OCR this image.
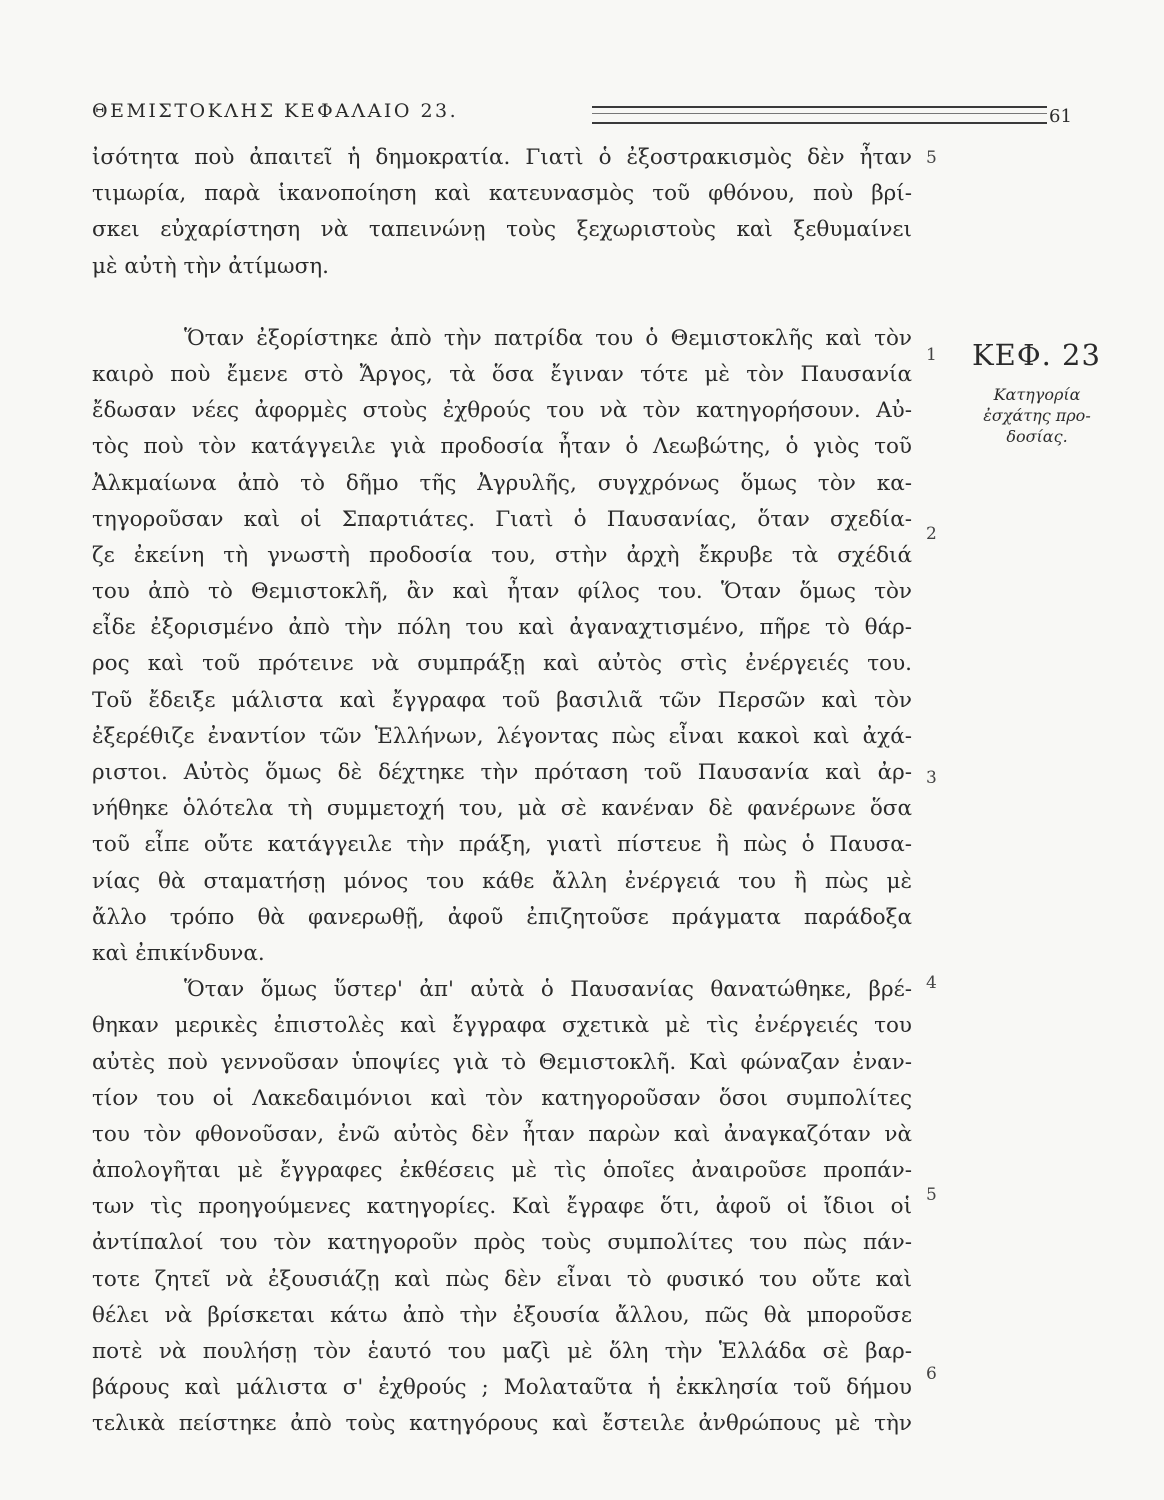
ΘΕΜΙΣΤΟΚΛΗΣ ΚΕΦΑΛΑΙΟ 23.	61
ΚΕΦ. 23
Κατηγορία
ἐσχάτης προ-
δοσίας.
5
1
2
3
4
5
6
ἰσότητα ποὺ ἀπαιτεῖ ἡ δημοκρατία. Γιατὶ ὁ ἐξοστρακισμὸς δὲν ἦταν
τιμωρία, παρὰ ἱκανοποίηση καὶ κατευνασμὸς τοῦ φθόνου, ποὺ βρί-
σκει εὐχαρίστηση νὰ ταπεινώνῃ τοὺς ξεχωριστοὺς καὶ ξεθυμαίνει
μὲ αὐτὴ τὴν ἀτίμωση.
Ὅταν ἐξορίστηκε ἀπὸ τὴν πατρίδα του ὁ Θεμιστοκλῆς καὶ τὸν
καιρὸ ποὺ ἔμενε στὸ Ἄργος, τὰ ὅσα ἔγιναν τότε μὲ τὸν Παυσανία
ἔδωσαν νέες ἀφορμὲς στοὺς ἐχθρούς του νὰ τὸν κατηγορήσουν. Αὐ-
τὸς ποὺ τὸν κατάγγειλε γιὰ προδοσία ἦταν ὁ Λεωβώτης, ὁ γιὸς τοῦ
Ἀλκμαίωνα ἀπὸ τὸ δῆμο τῆς Ἀγρυλῆς, συγχρόνως ὅμως τὸν κα-
τηγοροῦσαν καὶ οἱ Σπαρτιάτες. Γιατὶ ὁ Παυσανίας, ὅταν σχεδία-
ζε ἐκείνη τὴ γνωστὴ προδοσία του, στὴν ἀρχὴ ἔκρυβε τὰ σχέδιά
του ἀπὸ τὸ Θεμιστοκλῆ, ἂν καὶ ἦταν φίλος του. Ὅταν ὅμως τὸν
εἶδε ἐξορισμένο ἀπὸ τὴν πόλη του καὶ ἀγαναχτισμένο, πῆρε τὸ θάρ-
ρος καὶ τοῦ πρότεινε νὰ συμπράξῃ καὶ αὐτὸς στὶς ἐνέργειές του.
Τοῦ ἔδειξε μάλιστα καὶ ἔγγραφα τοῦ βασιλιᾶ τῶν Περσῶν καὶ τὸν
ἐξερέθιζε ἐναντίον τῶν Ἑλλήνων, λέγοντας πὼς εἶναι κακοὶ καὶ ἀχά-
ριστοι. Αὐτὸς ὅμως δὲ δέχτηκε τὴν πρόταση τοῦ Παυσανία καὶ ἀρ-
νήθηκε ὁλότελα τὴ συμμετοχή του, μὰ σὲ κανέναν δὲ φανέρωνε ὅσα
τοῦ εἶπε οὔτε κατάγγειλε τὴν πράξη, γιατὶ πίστευε ἢ πὼς ὁ Παυσα-
νίας θὰ σταματήσῃ μόνος του κάθε ἄλλη ἐνέργειά του ἢ πὼς μὲ
ἄλλο τρόπο θὰ φανερωθῇ, ἀφοῦ ἐπιζητοῦσε πράγματα παράδοξα
καὶ ἐπικίνδυνα.
Ὅταν ὅμως ὕστερ' ἀπ' αὐτὰ ὁ Παυσανίας θανατώθηκε, βρέ-
θηκαν μερικὲς ἐπιστολὲς καὶ ἔγγραφα σχετικὰ μὲ τὶς ἐνέργειές του
αὐτὲς ποὺ γεννοῦσαν ὑποψίες γιὰ τὸ Θεμιστοκλῆ. Καὶ φώναζαν ἐναν-
τίον του οἱ Λακεδαιμόνιοι καὶ τὸν κατηγοροῦσαν ὅσοι συμπολίτες
του τὸν φθονοῦσαν, ἐνῶ αὐτὸς δὲν ἦταν παρὼν καὶ ἀναγκαζόταν νὰ
ἀπολογῆται μὲ ἔγγραφες ἐκθέσεις μὲ τὶς ὁποῖες ἀναιροῦσε προπάν-
των τὶς προηγούμενες κατηγορίες. Καὶ ἔγραφε ὅτι, ἀφοῦ οἱ ἴδιοι οἱ
ἀντίπαλοί του τὸν κατηγοροῦν πρὸς τοὺς συμπολίτες του πὼς πάν-
τοτε ζητεῖ νὰ ἐξουσιάζῃ καὶ πὼς δὲν εἶναι τὸ φυσικό του οὔτε καὶ
θέλει νὰ βρίσκεται κάτω ἀπὸ τὴν ἐξουσία ἄλλου, πῶς θὰ μποροῦσε
ποτὲ νὰ πουλήσῃ τὸν ἑαυτό του μαζὶ μὲ ὅλη τὴν Ἑλλάδα σὲ βαρ-
βάρους καὶ μάλιστα σ' ἐχθρούς ; Μολαταῦτα ἡ ἐκκλησία τοῦ δήμου
τελικὰ πείστηκε ἀπὸ τοὺς κατηγόρους καὶ ἔστειλε ἀνθρώπους μὲ τὴν
